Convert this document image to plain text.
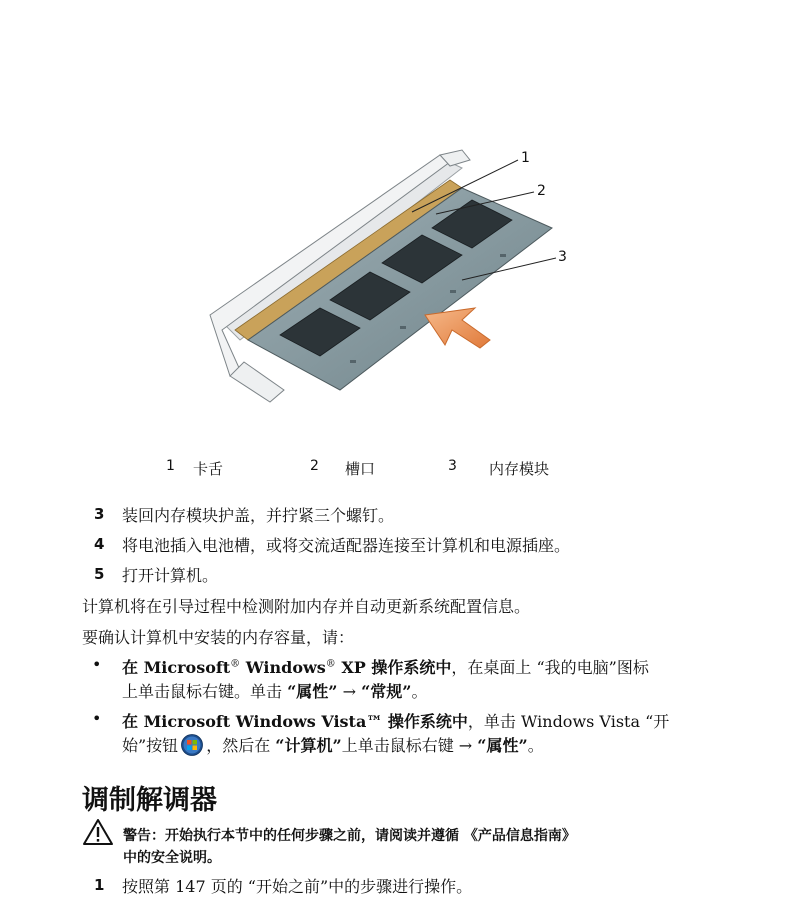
1
2
3
1 卡舌	2 槽口	3 内存模块
3 装回内存模块护盖，并拧紧三个螺钉。
4 将电池插入电池槽，或将交流适配器连接至计算机和电源插座。
5 打开计算机。
计算机将在引导过程中检测附加内存并自动更新系统配置信息。
要确认计算机中安装的内存容量，请：
• 在 Microsoft® Windows® XP 操作系统中，在桌面上 “我的电脑”图标
上单击鼠标右键。单击 “属性” → “常规”。
• 在 Microsoft Windows Vista™ 操作系统中，单击 Windows Vista “开
始”按钮 ，然后在 “计算机”上单击鼠标右键 → “属性”。
调制解调器
警告：开始执行本节中的任何步骤之前，请阅读并遵循 《产品信息指南》
中的安全说明。
1 按照第 147 页的 “开始之前”中的步骤进行操作。
